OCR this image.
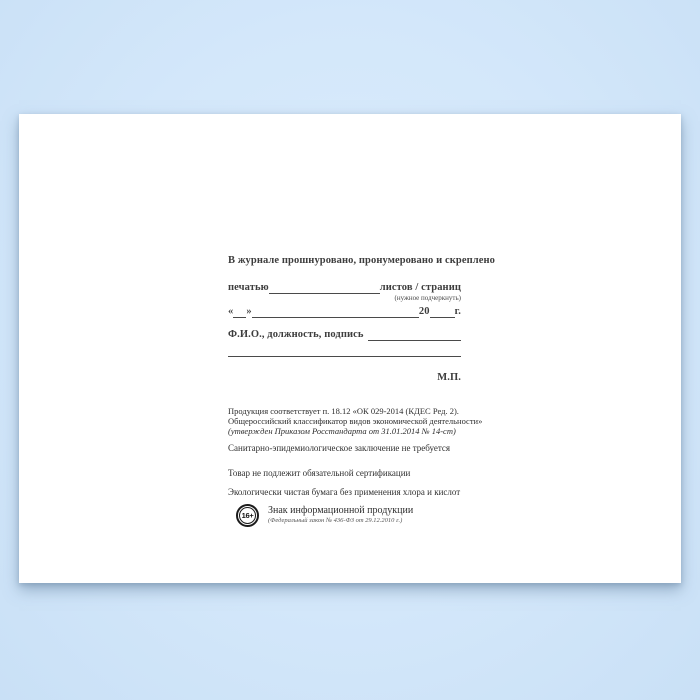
В журнале прошнуровано, пронумеровано и скреплено
печатью	листов / страниц
(нужное подчеркнуть)
« »	20 г.
Ф.И.О., должность, подпись
М.П.
Продукция соответствует п. 18.12 «ОК 029-2014 (КДЕС Ред. 2).
Общероссийский классификатор видов экономической деятельности»
(утвержден Приказом Росстандарта от 31.01.2014 № 14-ст)
Санитарно-эпидемиологическое заключение не требуется
Товар не подлежит обязательной сертификации
Экологически чистая бумага без применения хлора и кислот
16+ Знак информационной продукции
(Федеральный закон № 436-ФЗ от 29.12.2010 г.)
